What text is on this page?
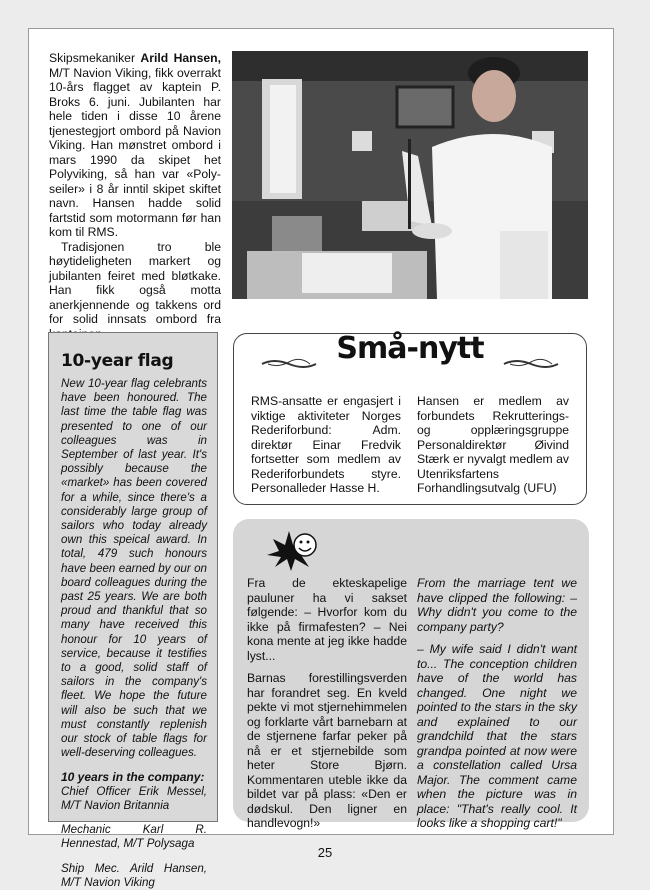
Skipsmekaniker Arild Hansen, M/T Navion Viking, fikk overrakt 10-års flagget av kaptein P. Broks 6. juni. Jubilanten har hele tiden i disse 10 årene tjenestegjort ombord på Navion Viking. Han mønstret ombord i mars 1990 da skipet het Polyviking, så han var «Poly-seiler» i 8 år inntil skipet skiftet navn. Hansen hadde solid fartstid som motormann før han kom til RMS.

Tradisjonen tro ble høytideligheten markert og jubilanten feiret med bløtkake. Han fikk også motta anerkjennende og takkens ord for solid innsats ombord fra

10-year flag

New 10-year flag celebrants have been honoured. The last time the table flag was presented to one of our colleagues was in September of last year. It's possibly because the «market» has been covered for a while, since there's a considerably large group of sailors who today already own this speical award. In total, 479 such honours have been earned by our on board colleagues during the past 25 years. We are both proud and thankful that so many have received this honour for 10 years of service, because it testifies to a good, solid staff of sailors in the company's fleet. We hope the future will also be such that we must constantly replenish our stock of table flags for well-deserving colleagues.

10 years in the company:

Chief Officer Erik Messel, M/T Navion Britannia

Mechanic Karl R. Hennestad, M/T Polysaga

Ship Mec. Arild Hansen, M/T Navion Viking

Små-nytt

RMS-ansatte er engasjert i viktige aktiviteter Norges Rederiforbund: Adm. direktør Einar Fredvik fortsetter som medlem av Rederiforbundets styre. Personalleder Hasse H.

Hansen er medlem av forbundets Rekrutterings- og opplæringsgruppe Personaldirektør Øivind Stærk er nyvalgt medlem av Utenriksfartens Forhandlingsutvalg (UFU)

Fra de ekteskapelige pauluner ha vi sakset følgende: – Hvorfor kom du ikke på firmafesten? – Nei kona mente at jeg ikke hadde lyst...

Barnas forestillingsverden har forandret seg. En kveld pekte vi mot stjernehimmelen og forklarte vårt barnebarn at de stjernene farfar peker på nå er et stjernebilde som heter Store Bjørn. Kommentaren uteble ikke da bildet var på plass: «Den er dødskul. Den ligner en handlevogn!»

From the marriage tent we have clipped the following: – Why didn't you come to the company party?

– My wife said I didn't want to... The conception children have of the world has changed. One night we pointed to the stars in the sky and explained to our grandchild that the stars grandpa pointed at now were a constellation called Ursa Major. The comment came when the picture was in place: "That's really cool. It looks like a shopping cart!"

25
